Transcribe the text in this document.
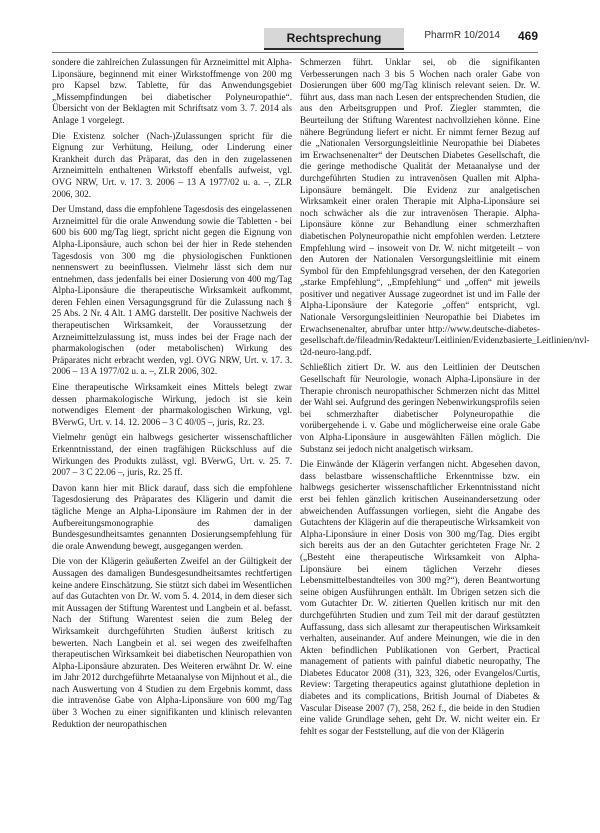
Rechtsprechung	PharmR 10/2014 469

sondere die zahlreichen Zulassungen für Arzneimittel mit Alpha-Liponsäure, beginnend mit einer Wirkstoffmenge von 200 mg pro Kapsel bzw. Tablette, für das Anwendungsgebiet „Missempfindungen bei diabetischer Polyneuropathie“. Übersicht von der Beklagten mit Schriftsatz vom 3. 7. 2014 als Anlage 1 vorgelegt.

Die Existenz solcher (Nach-)Zulassungen spricht für die Eignung zur Verhütung, Heilung, oder Linderung einer Krankheit durch das Präparat, das den in den zugelassenen Arzneimitteln enthaltenen Wirkstoff ebenfalls aufweist, vgl. OVG NRW, Urt. v. 17. 3. 2006 – 13 A 1977/02 u. a. –, ZLR 2006, 302.

Der Umstand, dass die empfohlene Tagesdosis des eingelassenen Arzneimittel für die orale Anwendung sowie die Tabletten - bei 600 bis 600 mg/Tag liegt, spricht nicht gegen die Eignung von Alpha-Liponsäure, auch schon bei der hier in Rede stehenden Tagesdosis von 300 mg die physiologischen Funktionen nennenswert zu beeinflussen. Vielmehr lässt sich dem nur entnehmen, dass jedenfalls bei einer Dosierung von 400 mg/Tag Alpha-Liponsäure die therapeutische Wirksamkeit aufkommt, deren Fehlen einen Versagungsgrund für die Zulassung nach § 25 Abs. 2 Nr. 4 Alt. 1 AMG darstellt. Der positive Nachweis der therapeutischen Wirksamkeit, der Voraussetzung der Arzneimittelzulassung ist, muss indes bei der Frage nach der pharmakologischen (oder metabolischen) Wirkung des Präparates nicht erbracht werden, vgl. OVG NRW, Urt. v. 17. 3. 2006 – 13 A 1977/02 u. a. –, ZLR 2006, 302.

Eine therapeutische Wirksamkeit eines Mittels belegt zwar dessen pharmakologische Wirkung, jedoch ist sie kein notwendiges Element der pharmakologischen Wirkung, vgl. BVerwG, Urt. v. 14. 12. 2006 – 3 C 40/05 –, juris, Rz. 23.

Vielmehr genügt ein halbwegs gesicherter wissenschaftlicher Erkenntnisstand, der einen tragfähigen Rückschluss auf die Wirkungen des Produkts zulässt, vgl. BVerwG, Urt. v. 25. 7. 2007 – 3 C 22.06 –, juris, Rz. 25 ff.

Davon kann hier mit Blick darauf, dass sich die empfohlene Tagesdosierung des Präparates des Klägerin und damit die tägliche Menge an Alpha-Liponsäure im Rahmen der in der Aufbereitungsmonographie des damaligen Bundesgesundheitsamtes genannten Dosierungsempfehlung für die orale Anwendung bewegt, ausgegangen werden.

Die von der Klägerin geäußerten Zweifel an der Gültigkeit der Aussagen des damaligen Bundesgesundheitsamtes rechtfertigen keine andere Einschätzung. Sie stützt sich dabei im Wesentlichen auf das Gutachten von Dr. W. vom 5. 4. 2014, in dem dieser sich mit Aussagen der Stiftung Warentest und Langbein et al. befasst. Nach der Stiftung Warentest seien die zum Beleg der Wirksamkeit durchgeführten Studien äußerst kritisch zu bewerten. Nach Langbein et al. sei wegen des zweifelhaften therapeutischen Wirksamkeit bei diabetischen Neuropathien von Alpha-Liponsäure abzuraten. Des Weiteren erwähnt Dr. W. eine im Jahr 2012 durchgeführte Metaanalyse von Mijnhout et al., die nach Auswertung von 4 Studien zu dem Ergebnis kommt, dass die intravenöse Gabe von Alpha-Liponsäure von 600 mg/Tag über 3 Wochen zu einer signifikanten und klinisch relevanten Reduktion der neuropathischen

Schmerzen führt. Unklar sei, ob die signifikanten Verbesserungen nach 3 bis 5 Wochen nach oraler Gabe von Dosierungen über 600 mg/Tag klinisch relevant seien. Dr. W. führt aus, dass man nach Lesen der entsprechenden Studien, die aus den Arbeitsgruppen und Prof. Ziegler stammten, die Beurteilung der Stiftung Warentest nachvollziehen könne. Eine nähere Begründung liefert er nicht. Er nimmt ferner Bezug auf die „Nationalen Versorgungsleitlinie Neuropathie bei Diabetes im Erwachsenenalter“ der Deutschen Diabetes Gesellschaft, die die geringe methodische Qualität der Metaanalyse und der durchgeführten Studien zu intravenösen Quallen mit Alpha-Liponsäure bemängelt. Die Evidenz zur analgetischen Wirksamkeit einer oralen Therapie mit Alpha-Liponsäure sei noch schwächer als die zur intravenösen Therapie. Alpha-Liponsäure könne zur Behandlung einer schmerzhaften diabetischen Polyneuropathie nicht empfohlen werden. Letztere Empfehlung wird – insoweit von Dr. W. nicht mitgeteilt – von den Autoren der Nationalen Versorgungsleitlinie mit einem Symbol für den Empfehlungsgrad versehen, der den Kategorien „starke Empfehlung“, „Empfehlung“ und „offen“ mit jeweils positiver und negativer Aussage zugeordnet ist und im Falle der Alpha-Liponsäure der Kategorie „offen“ entspricht, vgl. Nationale Versorgungsleitlinien Neuropathie bei Diabetes im Erwachsenenalter, abrufbar unter http://www.deutsche-diabetes-gesellschaft.de/fileadmin/Redakteur/Leitlinien/Evidenzbasierte_Leitlinien/nvl-t2d-neuro-lang.pdf.

Schließlich zitiert Dr. W. aus den Leitlinien der Deutschen Gesellschaft für Neurologie, wonach Alpha-Liponsäure in der Therapie chronisch neuropathischer Schmerzen nicht das Mittel der Wahl sei. Aufgrund des geringen Nebenwirkungsprofils seien bei schmerzhafter diabetischer Polyneuropathie die vorübergehende i. v. Gabe und möglicherweise eine orale Gabe von Alpha-Liponsäure in ausgewählten Fällen möglich. Die Substanz sei jedoch nicht analgetisch wirksam.

Die Einwände der Klägerin verfangen nicht. Abgesehen davon, dass belastbare wissenschaftliche Erkenntnisse bzw. ein halbwegs gesicherter wissenschaftlicher Erkenntnisstand nicht erst bei fehlen gänzlich kritischen Auseinandersetzung oder abweichenden Auffassungen vorliegen, sieht die Angabe des Gutachtens der Klägerin auf die therapeutische Wirksamkeit von Alpha-Liponsäure in einer Dosis von 300 mg/Tag. Dies ergibt sich bereits aus der an den Gutachter gerichteten Frage Nr. 2 („Besteht eine therapeutische Wirksamkeit von Alpha-Liponsäure bei einem täglichen Verzehr dieses Lebensmittelbestandteiles von 300 mg?“), deren Beantwortung seine obigen Ausführungen enthält. Im Übrigen setzen sich die vom Gutachter Dr. W. zitierten Quellen kritisch nur mit den durchgeführten Studien und zum Teil mit der darauf gestützten Auffassung, dass sich allesamt zur therapeutischen Wirksamkeit verhalten, auseinander. Auf andere Meinungen, wie die in den Akten befindlichen Publikationen von Gerbert, Practical management of patients with painful diabetic neuropathy, The Diabetes Educator 2008 (31), 323, 326, oder Evangelos/Curtis, Review: Targeting therapeutics against glutathione depletion in diabetes and its complications, British Journal of Diabetes & Vascular Disease 2007 (7), 258, 262 f., die beide in den Studien eine valide Grundlage sehen, geht Dr. W. nicht weiter ein. Er fehlt es sogar der Feststellung, auf die von der Klägerin
